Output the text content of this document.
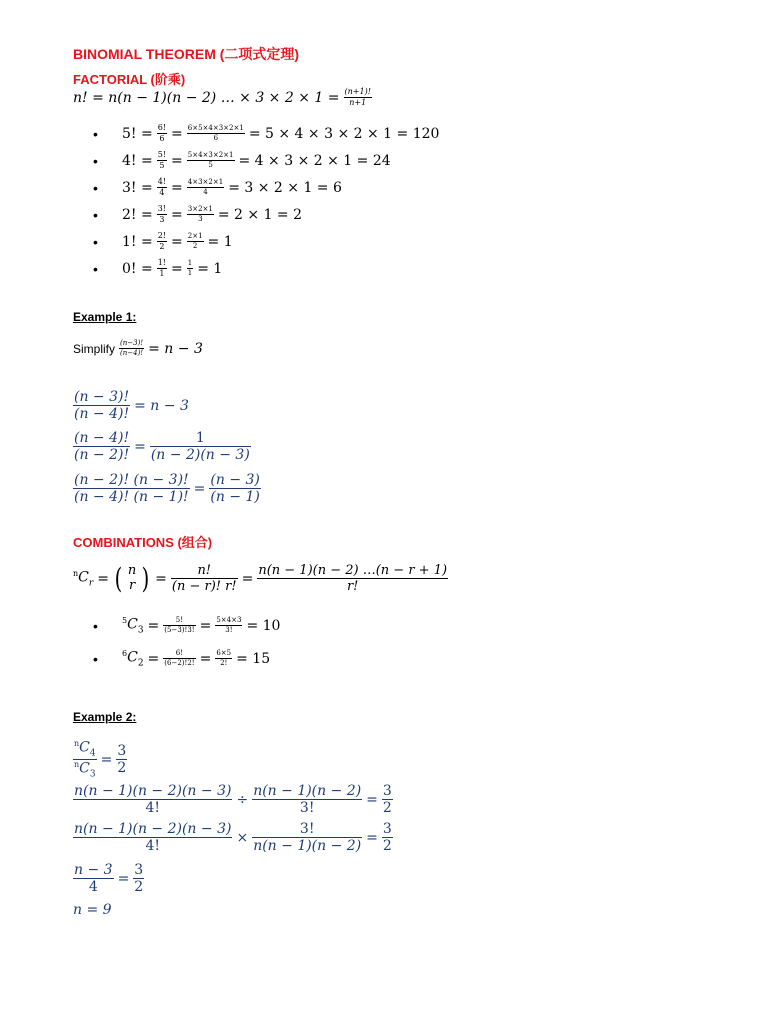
BINOMIAL THEOREM (二项式定理)
FACTORIAL (阶乘)
n! = n(n − 1)(n − 2) … × $3 \times 2 \times 1 = \frac{(n+1)!}{n+1}$
•	5! = $\frac{6!}{6} = \frac{6\times 5\times 4\times 3\times 2\times 1}{6} = 5 \times 4 \times 3 \times 2 \times 1 = 120$
•	4! = $\frac{5!}{5} = \frac{5\times 4\times 3\times 2\times 1}{5} = 4 \times 3 \times 2 \times 1 = 24$
•	3! = $\frac{4!}{4} = \frac{4\times 3\times 2\times 1}{4} = 3 \times 2 \times 1 = 6$
•	2! = $\frac{3!}{3} = \frac{3\times 2\times 1}{3} = 2 \times 1 = 2$
•	1! = $\frac{2!}{2} = \frac{2\times 1}{2} = 1$
•	0! = $\frac{1!}{1} = \frac{1}{1} = 1$
Example 1:
Simplify $\frac{(n-3)!}{(n-4)!} = n - 3$
$\frac{(n - 3)!}{(n - 4)!} = n - 3$
$\frac{(n - 4)!}{(n - 2)!} = \frac{1}{(n - 2)(n - 3)}$
$\frac{(n - 2)! (n - 3)!}{(n - 4)! (n - 1)!} = \frac{(n - 3)}{(n - 1)}$
COMBINATIONS (组合)
$^nC_r$ = ( n
r ) = $\frac{n!}{(n - r)! r!} = \frac{n(n - 1)(n - 2) \dots(n - r + 1)}{r!}$
•	$^5C_3 = \frac{5!}{(5-3)!3!} = \frac{5\times 4\times 3}{3!} = 10$
•	$^6C_2 = \frac{6!}{(6-2)!2!} = \frac{6\times 5}{2!} = 15$
Example 2:
$\frac{^nC_4}{^nC_3} = \frac{3}{2}$
$\frac{n(n - 1)(n - 2)(n - 3)}{4!} \div \frac{n(n - 1)(n - 2)}{3!} = \frac{3}{2}$
$\frac{n(n - 1)(n - 2)(n - 3)}{4!} \times \frac{3!}{n(n - 1)(n - 2)} = \frac{3}{2}$
$\frac{n - 3}{4} = \frac{3}{2}$
n = 9
